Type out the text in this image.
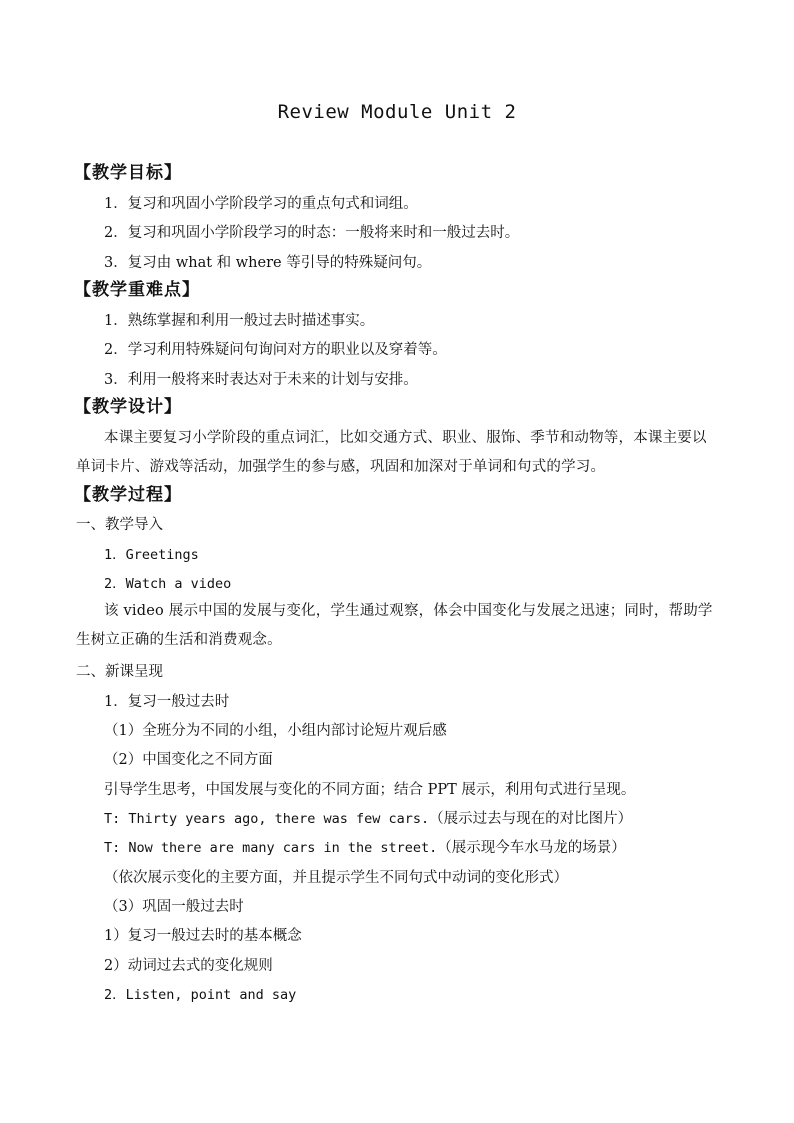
Review Module Unit 2
【教学目标】
1．复习和巩固小学阶段学习的重点句式和词组。
2．复习和巩固小学阶段学习的时态：一般将来时和一般过去时。
3．复习由 what 和 where 等引导的特殊疑问句。
【教学重难点】
1．熟练掌握和利用一般过去时描述事实。
2．学习利用特殊疑问句询问对方的职业以及穿着等。
3．利用一般将来时表达对于未来的计划与安排。
【教学设计】
本课主要复习小学阶段的重点词汇，比如交通方式、职业、服饰、季节和动物等，本课主要以单词卡片、游戏等活动，加强学生的参与感，巩固和加深对于单词和句式的学习。
【教学过程】
一、教学导入
1．Greetings
2．Watch a video
该 video 展示中国的发展与变化，学生通过观察，体会中国变化与发展之迅速；同时，帮助学生树立正确的生活和消费观念。
二、新课呈现
1．复习一般过去时
（1）全班分为不同的小组，小组内部讨论短片观后感
（2）中国变化之不同方面
引导学生思考，中国发展与变化的不同方面；结合 PPT 展示，利用句式进行呈现。
T: Thirty years ago, there was few cars.（展示过去与现在的对比图片）
T: Now there are many cars in the street.（展示现今车水马龙的场景）
（依次展示变化的主要方面，并且提示学生不同句式中动词的变化形式）
（3）巩固一般过去时
1）复习一般过去时的基本概念
2）动词过去式的变化规则
2．Listen, point and say
